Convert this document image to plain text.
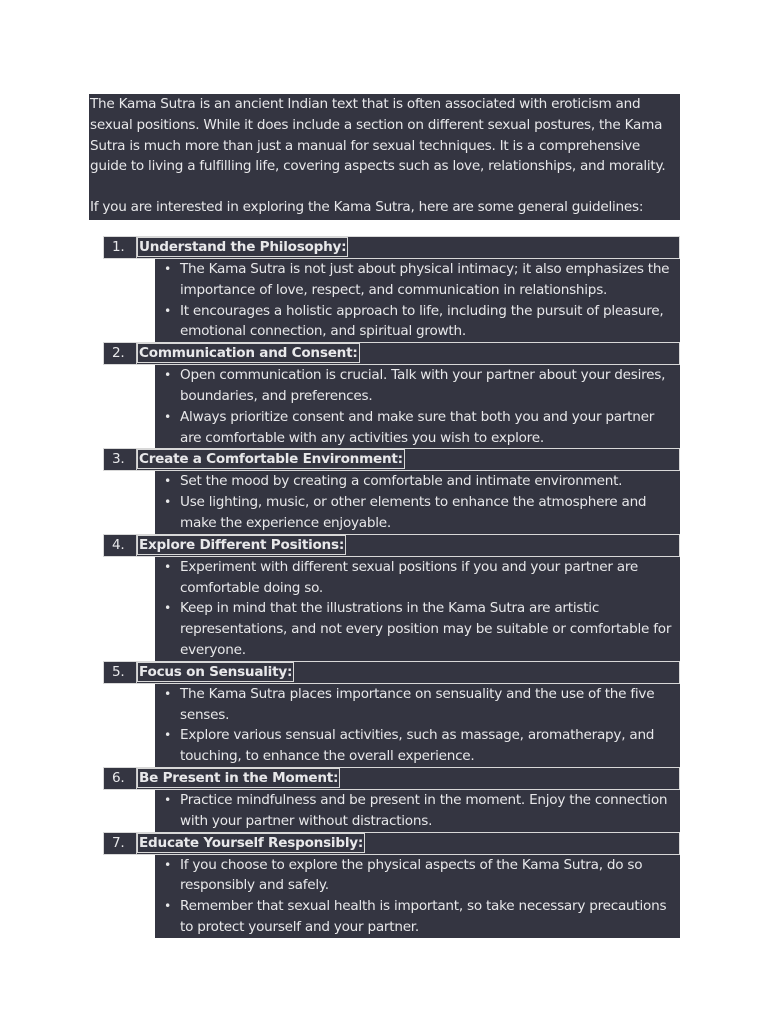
The Kama Sutra is an ancient Indian text that is often associated with eroticism and sexual positions. While it does include a section on different sexual postures, the Kama Sutra is much more than just a manual for sexual techniques. It is a comprehensive guide to living a fulfilling life, covering aspects such as love, relationships, and morality.

If you are interested in exploring the Kama Sutra, here are some general guidelines:

1.	Understand the Philosophy:
• The Kama Sutra is not just about physical intimacy; it also emphasizes the importance of love, respect, and communication in relationships.
• It encourages a holistic approach to life, including the pursuit of pleasure, emotional connection, and spiritual growth.
2.	Communication and Consent:
• Open communication is crucial. Talk with your partner about your desires, boundaries, and preferences.
• Always prioritize consent and make sure that both you and your partner are comfortable with any activities you wish to explore.
3.	Create a Comfortable Environment:
• Set the mood by creating a comfortable and intimate environment.
• Use lighting, music, or other elements to enhance the atmosphere and make the experience enjoyable.
4.	Explore Different Positions:
• Experiment with different sexual positions if you and your partner are comfortable doing so.
• Keep in mind that the illustrations in the Kama Sutra are artistic representations, and not every position may be suitable or comfortable for everyone.
5.	Focus on Sensuality:
• The Kama Sutra places importance on sensuality and the use of the five senses.
• Explore various sensual activities, such as massage, aromatherapy, and touching, to enhance the overall experience.
6.	Be Present in the Moment:
• Practice mindfulness and be present in the moment. Enjoy the connection with your partner without distractions.
7.	Educate Yourself Responsibly:
• If you choose to explore the physical aspects of the Kama Sutra, do so responsibly and safely.
• Remember that sexual health is important, so take necessary precautions to protect yourself and your partner.
